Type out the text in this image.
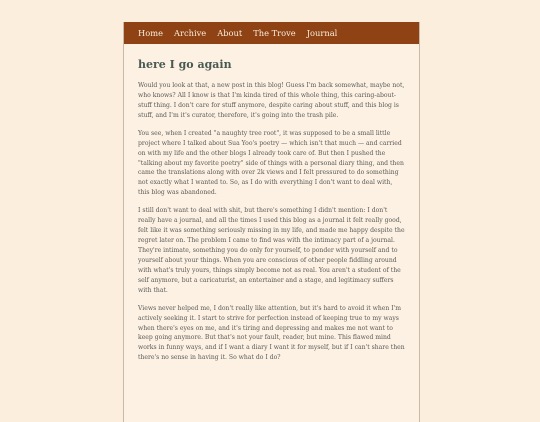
Home Archive About The Trove Journal
here I go again

Would you look at that, a new post in this blog! Guess I'm back somewhat, maybe not, who knows? All I know is that I'm kinda tired of this whole thing, this caring-about-stuff thing. I don't care for stuff anymore, despite caring about stuff, and this blog is stuff, and I'm it's curator, therefore, it's going into the trash pile.

You see, when I created "a naughty tree root", it was supposed to be a small little project where I talked about Sua Yoo's poetry — which isn't that much — and carried on with my life and the other blogs I already took care of. But then I pushed the "talking about my favorite poetry" side of things with a personal diary thing, and then came the translations along with over 2k views and I felt pressured to do something not exactly what I wanted to. So, as I do with everything I don't want to deal with, this blog was abandoned.

I still don't want to deal with shit, but there's something I didn't mention: I don't really have a journal, and all the times I used this blog as a journal it felt really good, felt like it was something seriously missing in my life, and made me happy despite the regret later on. The problem I came to find was with the intimacy part of a journal. They're intimate, something you do only for yourself, to ponder with yourself and to yourself about your things. When you are conscious of other people fiddling around with what's truly yours, things simply become not as real. You aren't a student of the self anymore, but a caricaturist, an entertainer and a stage, and legitimacy suffers with that.

Views never helped me, I don't really like attention, but it's hard to avoid it when I'm actively seeking it. I start to strive for perfection instead of keeping true to my ways when there's eyes on me, and it's tiring and depressing and makes me not want to keep going anymore. But that's not your fault, reader, but mine. This flawed mind works in funny ways, and if I want a diary I want it for myself, but if I can't share then there's no sense in having it. So what do I do?
